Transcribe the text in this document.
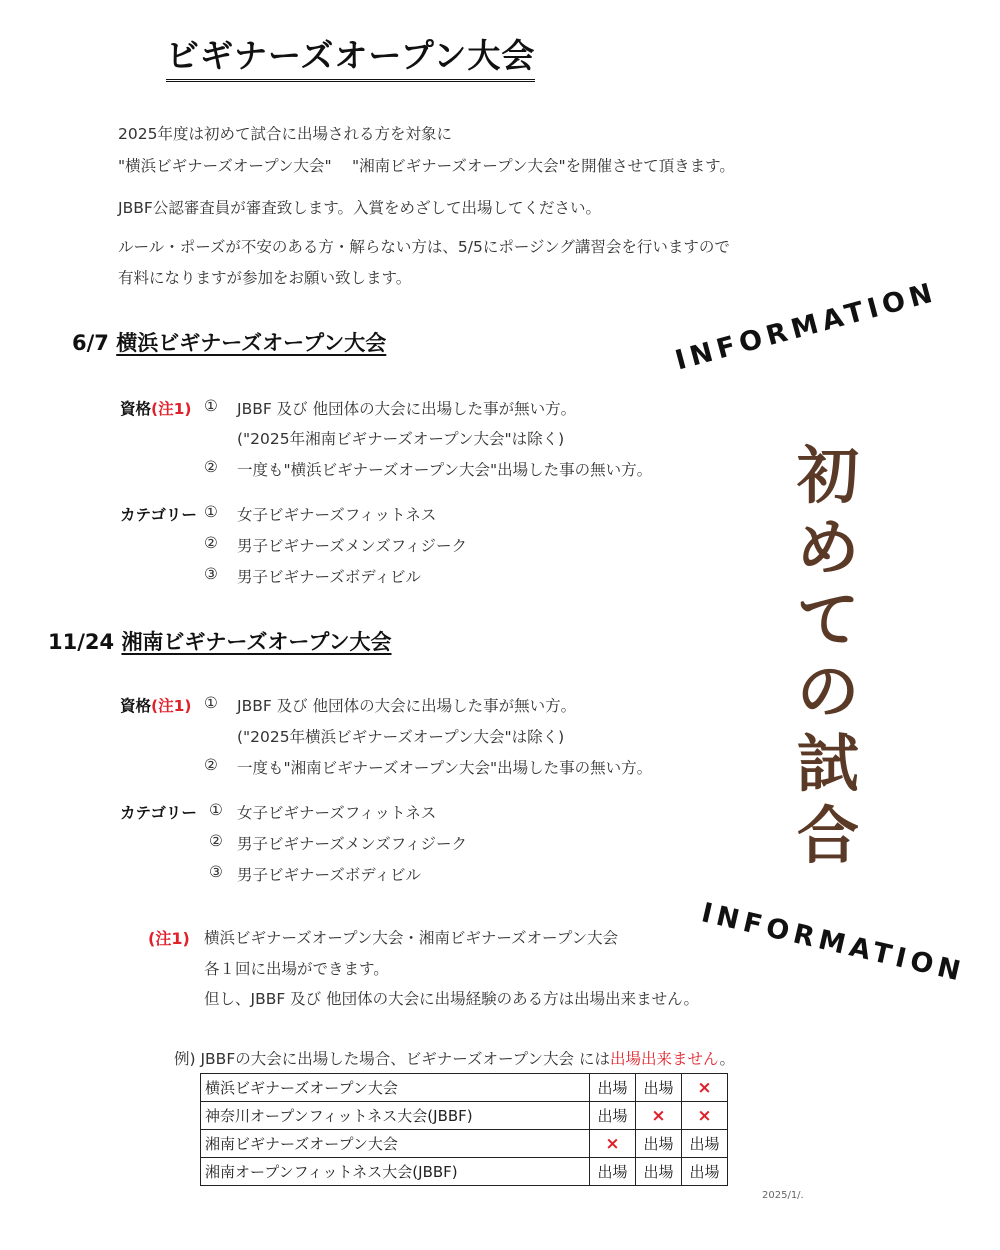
ビギナーズオープン大会
2025年度は初めて試合に出場される方を対象に
"横浜ビギナーズオープン大会"　 "湘南ビギナーズオープン大会"を開催させて頂きます。
JBBF公認審査員が審査致します。入賞をめざして出場してください。
ルール・ポーズが不安のある方・解らない方は、5/5にポージング講習会を行いますので
有料になりますが参加をお願い致します。
6/7 横浜ビギナーズオープン大会
資格(注1) ① JBBF 及び 他団体の大会に出場した事が無い方。
("2025年湘南ビギナーズオープン大会"は除く)
② 一度も"横浜ビギナーズオープン大会"出場した事の無い方。
カテゴリー ① 女子ビギナーズフィットネス
② 男子ビギナーズメンズフィジーク
③ 男子ビギナーズボディビル
11/24 湘南ビギナーズオープン大会
資格(注1) ① JBBF 及び 他団体の大会に出場した事が無い方。
("2025年横浜ビギナーズオープン大会"は除く)
② 一度も"湘南ビギナーズオープン大会"出場した事の無い方。
カテゴリー ① 女子ビギナーズフィットネス
② 男子ビギナーズメンズフィジーク
③ 男子ビギナーズボディビル
(注1) 横浜ビギナーズオープン大会・湘南ビギナーズオープン大会
各１回に出場ができます。
但し、JBBF 及び 他団体の大会に出場経験のある方は出場出来ません。
例) JBBFの大会に出場した場合、ビギナーズオープン大会 には出場出来ません。
横浜ビギナーズオープン大会	出場	出場	×
神奈川オープンフィットネス大会(JBBF)	出場	×	×
湘南ビギナーズオープン大会	×	出場	出場
湘南オープンフィットネス大会(JBBF)	出場	出場	出場
2025/1/.
INFORMATION
初
め
て
の
試
合
INFORMATION
